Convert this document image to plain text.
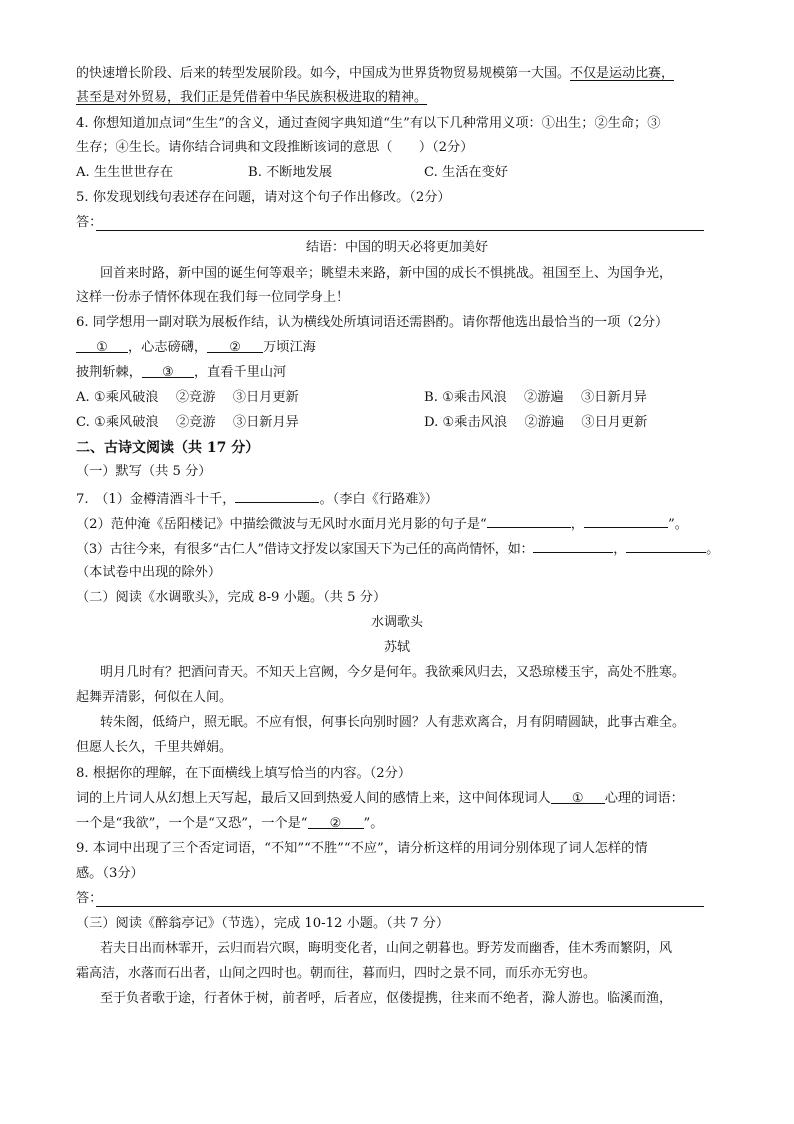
的快速增长阶段、后来的转型发展阶段。如今，中国成为世界货物贸易规模第一大国。不仅是运动比赛，
甚至是对外贸易，我们正是凭借着中华民族积极进取的精神。
4. 你想知道加点词“生生”的含义，通过查阅字典知道“生”有以下几种常用义项：①出生；②生命；③
生存；④生长。请你结合词典和文段推断该词的意思（　　）（2分）
A. 生生世世存在	B. 不断地发展	C. 生活在变好
5. 你发现划线句表述存在问题，请对这个句子作出修改。（2分）
答：
结语：中国的明天必将更加美好
回首来时路，新中国的诞生何等艰辛；眺望未来路，新中国的成长不惧挑战。祖国至上、为国争光，
这样一份赤子情怀体现在我们每一位同学身上！
6. 同学想用一副对联为展板作结，认为横线处所填词语还需斟酌。请你帮他选出最恰当的一项（2分）
① ，心志磅礴， ② 万顷江海
披荆斩棘， ③ ，直看千里山河
A. ①乘风破浪　 ②竞游　 ③日月更新	B. ①乘击风浪　 ②游遍　 ③日新月异
C. ①乘风破浪　 ②竞游　 ③日新月异	D. ①乘击风浪　 ②游遍　 ③日月更新
二、古诗文阅读（共 17 分）
（一）默写（共 5 分）
7.　（1）金樽清酒斗十千，	。（李白《行路难》）
（2）范仲淹《岳阳楼记》中描绘微波与无风时水面月光月影的句子是“	，	”。
（3）古往今来，有很多“古仁人”借诗文抒发以家国天下为己任的高尚情怀，如：	，	。
（本试卷中出现的除外）
（二）阅读《水调歌头》，完成 8-9 小题。（共 5 分）
水调歌头
苏轼
明月几时有？把酒问青天。不知天上宫阙，今夕是何年。我欲乘风归去，又恐琼楼玉宇，高处不胜寒。
起舞弄清影，何似在人间。
转朱阁，低绮户，照无眠。不应有恨，何事长向别时圆？人有悲欢离合，月有阴晴圆缺，此事古难全。
但愿人长久，千里共婵娟。
8. 根据你的理解，在下面横线上填写恰当的内容。（2分）
词的上片词人从幻想上天写起，最后又回到热爱人间的感情上来，这中间体现词人 ① 心理的词语：
一个是“我欲”，一个是“又恐”，一个是“ ② ”。
9. 本词中出现了三个否定词语，“不知”“不胜”“不应”，请分析这样的用词分别体现了词人怎样的情
感。（3分）
答：
（三）阅读《醉翁亭记》（节选），完成 10-12 小题。（共 7 分）
若夫日出而林霏开，云归而岩穴暝，晦明变化者，山间之朝暮也。野芳发而幽香，佳木秀而繁阴，风
霜高洁，水落而石出者，山间之四时也。朝而往，暮而归，四时之景不同，而乐亦无穷也。
至于负者歌于途，行者休于树，前者呼，后者应，伛偻提携，往来而不绝者，滁人游也。临溪而渔，
